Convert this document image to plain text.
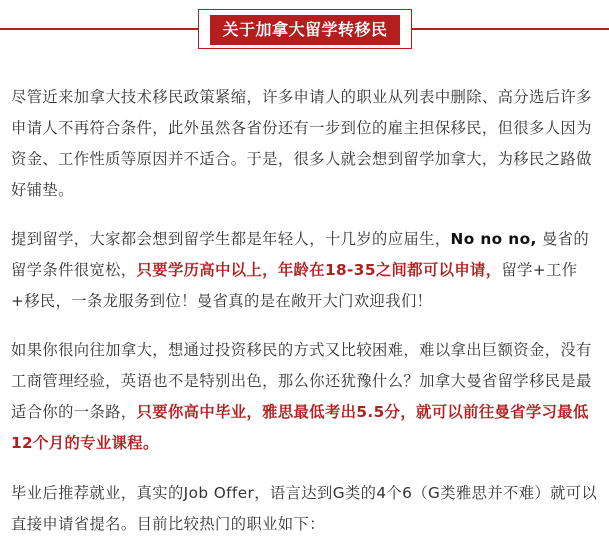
关于加拿大留学转移民

尽管近来加拿大技术移民政策紧缩，许多申请人的职业从列表中删除、高分选后许多申请人不再符合条件，此外虽然各省份还有一步到位的雇主担保移民，但很多人因为资金、工作性质等原因并不适合。于是，很多人就会想到留学加拿大，为移民之路做好铺垫。

提到留学，大家都会想到留学生都是年轻人，十几岁的应届生，No no no, 曼省的留学条件很宽松，只要学历高中以上，年龄在18-35之间都可以申请，留学+工作+移民，一条龙服务到位！曼省真的是在敞开大门欢迎我们！

如果你很向往加拿大，想通过投资移民的方式又比较困难，难以拿出巨额资金，没有工商管理经验，英语也不是特别出色，那么你还犹豫什么？加拿大曼省留学移民是最适合你的一条路，只要你高中毕业，雅思最低考出5.5分，就可以前往曼省学习最低12个月的专业课程。

毕业后推荐就业，真实的Job Offer，语言达到G类的4个6（G类雅思并不难）就可以直接申请省提名。目前比较热门的职业如下：
